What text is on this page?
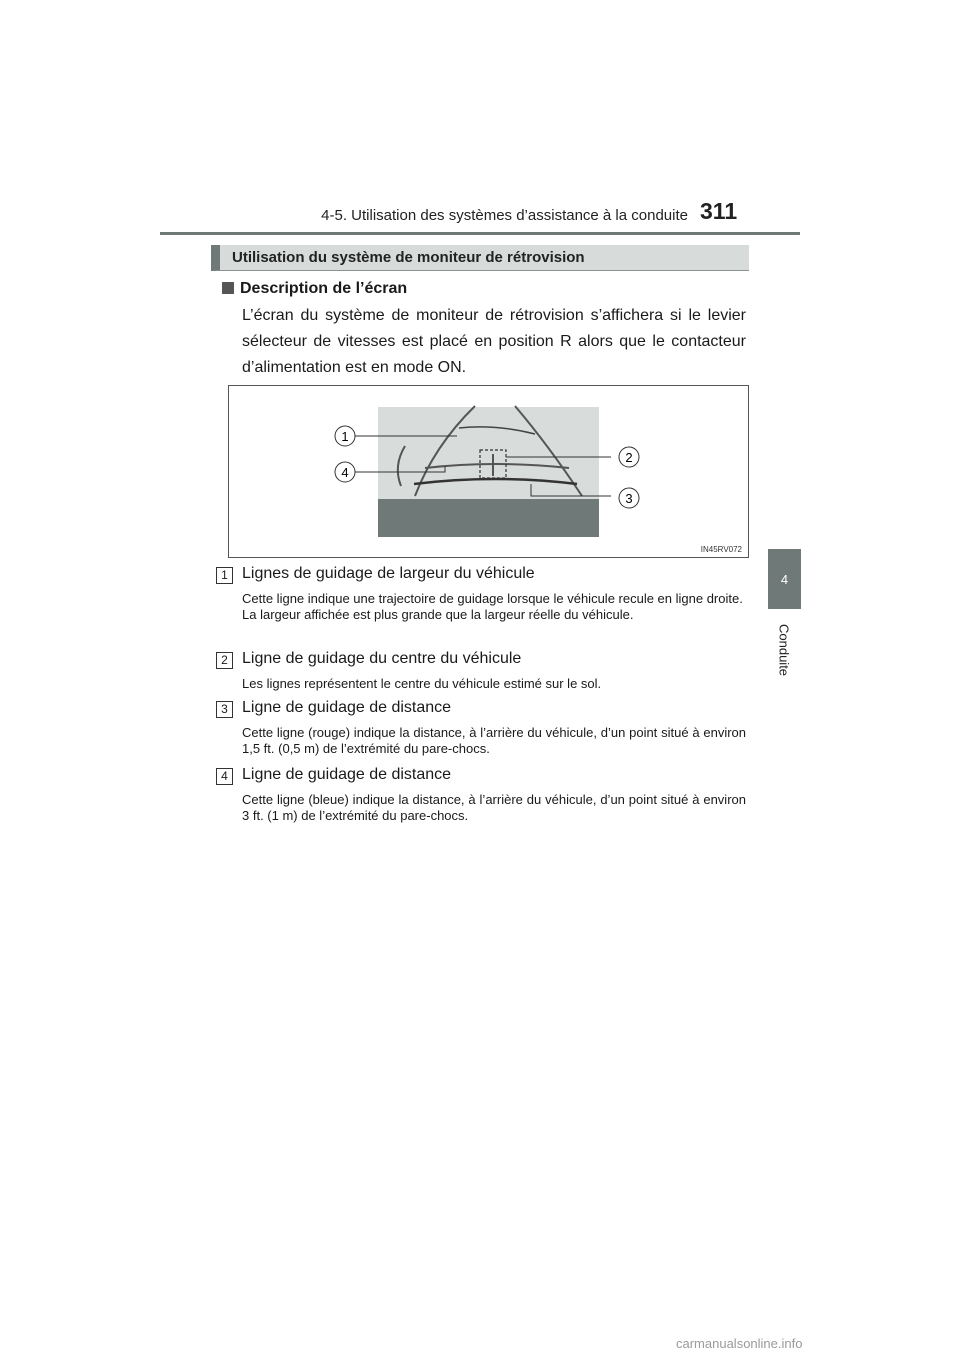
4-5. Utilisation des systèmes d’assistance à la conduite 311
4
Conduite
Utilisation du système de moniteur de rétrovision
Description de l’écran
L’écran du système de moniteur de rétrovision s’affichera si le levier sélecteur de vitesses est placé en position R alors que le contacteur d’alimentation est en mode ON.
1
2
3
4
IN45RV072
1 Lignes de guidage de largeur du véhicule

Cette ligne indique une trajectoire de guidage lorsque le véhicule recule en ligne droite.

La largeur affichée est plus grande que la largeur réelle du véhicule.

2 Ligne de guidage du centre du véhicule

Les lignes représentent le centre du véhicule estimé sur le sol.

3 Ligne de guidage de distance

Cette ligne (rouge) indique la distance, à l’arrière du véhicule, d’un point situé à environ 1,5 ft. (0,5 m) de l’extrémité du pare-chocs.

4 Ligne de guidage de distance

Cette ligne (bleue) indique la distance, à l’arrière du véhicule, d’un point situé à environ 3 ft. (1 m) de l’extrémité du pare-chocs.

carmanualsonline.info
